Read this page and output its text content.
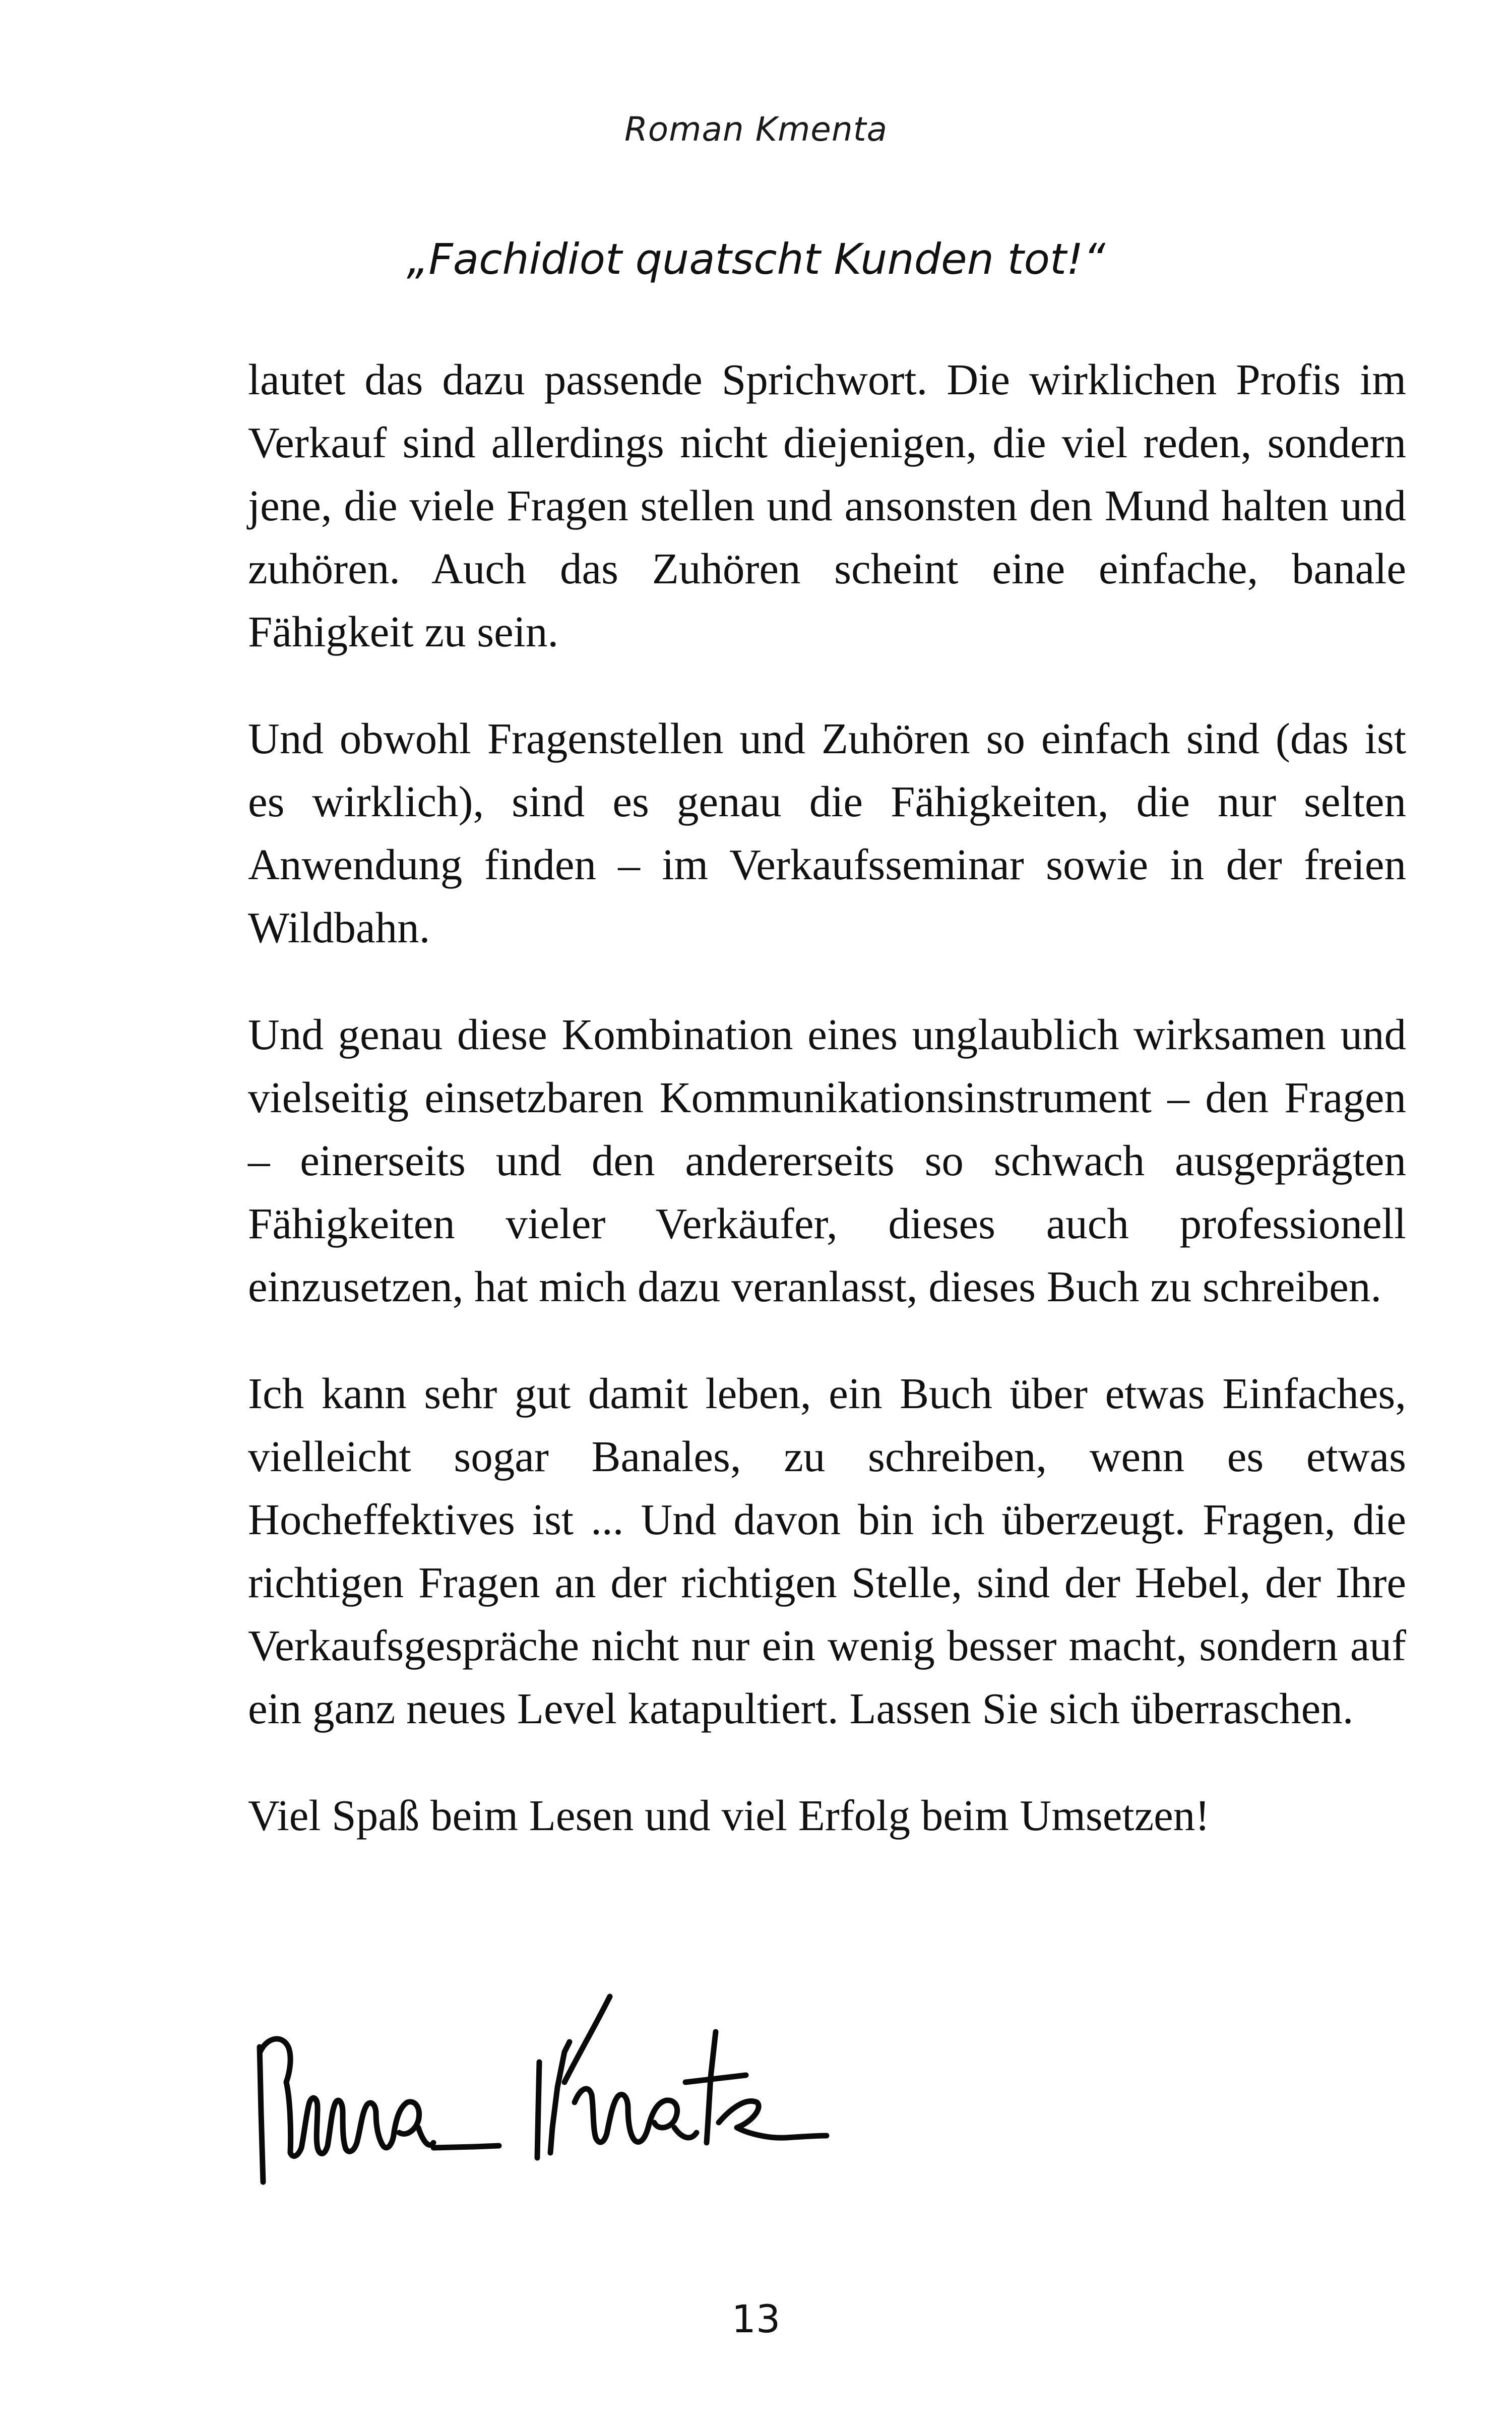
Roman Kmenta
„Fachidiot quatscht Kunden tot!“

lautet das dazu passende Sprichwort. Die wirklichen Profis im Verkauf sind allerdings nicht diejenigen, die viel reden, sondern jene, die viele Fragen stellen und ansonsten den Mund halten und zuhören. Auch das Zuhören scheint eine einfache, banale Fähigkeit zu sein.

Und obwohl Fragenstellen und Zuhören so einfach sind (das ist es wirklich), sind es genau die Fähigkeiten, die nur selten Anwendung finden – im Verkaufsseminar sowie in der freien Wildbahn.

Und genau diese Kombination eines unglaublich wirksamen und vielseitig einsetzbaren Kommunikationsinstrument – den Fragen – einerseits und den andererseits so schwach ausgeprägten Fähigkeiten vieler Verkäufer, dieses auch professionell einzusetzen, hat mich dazu veranlasst, dieses Buch zu schreiben.

Ich kann sehr gut damit leben, ein Buch über etwas Einfaches, vielleicht sogar Banales, zu schreiben, wenn es etwas Hocheffektives ist ... Und davon bin ich überzeugt. Fragen, die richtigen Fragen an der richtigen Stelle, sind der Hebel, der Ihre Verkaufsgespräche nicht nur ein wenig besser macht, sondern auf ein ganz neues Level katapultiert. Lassen Sie sich überraschen.

Viel Spaß beim Lesen und viel Erfolg beim Umsetzen!

13
